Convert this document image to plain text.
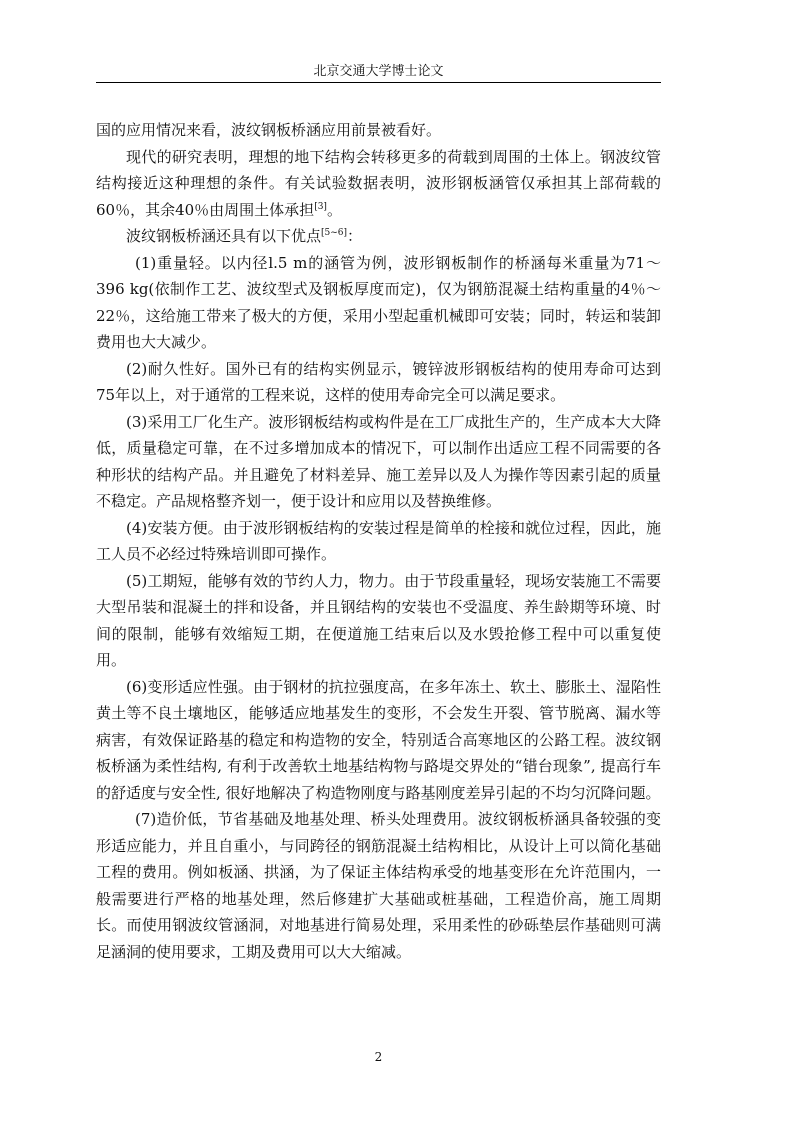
北京交通大学博士论文

国的应用情况来看，波纹钢板桥涵应用前景被看好。

现代的研究表明，理想的地下结构会转移更多的荷载到周围的土体上。钢波纹管结构接近这种理想的条件。有关试验数据表明，波形钢板涵管仅承担其上部荷载的60％，其余40％由周围土体承担[3]。

波纹钢板桥涵还具有以下优点[5~6]：

(1)重量轻。以内径l.5 m的涵管为例，波形钢板制作的桥涵每米重量为71～396 kg(依制作工艺、波纹型式及钢板厚度而定)，仅为钢筋混凝土结构重量的4％～22％，这给施工带来了极大的方便，采用小型起重机械即可安装；同时，转运和装卸费用也大大减少。

(2)耐久性好。国外已有的结构实例显示，镀锌波形钢板结构的使用寿命可达到75年以上，对于通常的工程来说，这样的使用寿命完全可以满足要求。

(3)采用工厂化生产。波形钢板结构或构件是在工厂成批生产的，生产成本大大降低，质量稳定可靠，在不过多增加成本的情况下，可以制作出适应工程不同需要的各种形状的结构产品。并且避免了材料差异、施工差异以及人为操作等因素引起的质量不稳定。产品规格整齐划一，便于设计和应用以及替换维修。

(4)安装方便。由于波形钢板结构的安装过程是简单的栓接和就位过程，因此，施工人员不必经过特殊培训即可操作。

(5)工期短，能够有效的节约人力，物力。由于节段重量轻，现场安装施工不需要大型吊装和混凝土的拌和设备，并且钢结构的安装也不受温度、养生龄期等环境、时间的限制，能够有效缩短工期，在便道施工结束后以及水毁抢修工程中可以重复使用。

(6)变形适应性强。由于钢材的抗拉强度高，在多年冻土、软土、膨胀土、湿陷性黄土等不良土壤地区，能够适应地基发生的变形，不会发生开裂、管节脱离、漏水等病害，有效保证路基的稳定和构造物的安全，特别适合高寒地区的公路工程。波纹钢板桥涵为柔性结构, 有利于改善软土地基结构物与路堤交界处的“错台现象”, 提高行车的舒适度与安全性, 很好地解决了构造物刚度与路基刚度差异引起的不均匀沉降问题。

(7)造价低，节省基础及地基处理、桥头处理费用。波纹钢板桥涵具备较强的变形适应能力，并且自重小，与同跨径的钢筋混凝土结构相比，从设计上可以简化基础工程的费用。例如板涵、拱涵，为了保证主体结构承受的地基变形在允许范围内，一般需要进行严格的地基处理，然后修建扩大基础或桩基础，工程造价高，施工周期长。而使用钢波纹管涵洞，对地基进行简易处理，采用柔性的砂砾垫层作基础则可满足涵洞的使用要求，工期及费用可以大大缩减。

2
